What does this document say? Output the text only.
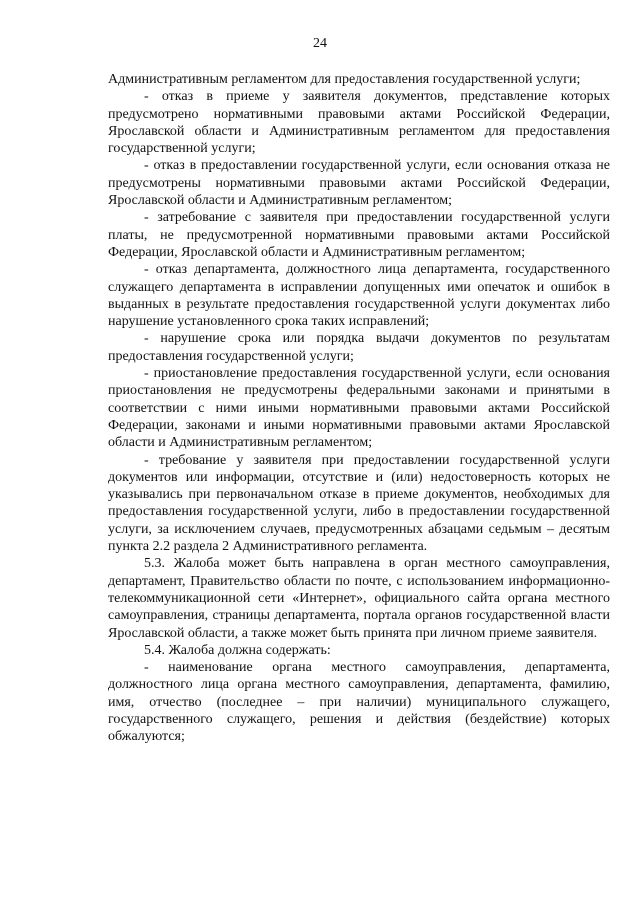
24

Административным регламентом для предоставления государственной услуги;

- отказ в приеме у заявителя документов, представление которых предусмотрено нормативными правовыми актами Российской Федерации, Ярославской области и Административным регламентом для предоставления государственной услуги;

- отказ в предоставлении государственной услуги, если основания отказа не предусмотрены нормативными правовыми актами Российской Федерации, Ярославской области и Административным регламентом;

- затребование с заявителя при предоставлении государственной услуги платы, не предусмотренной нормативными правовыми актами Российской Федерации, Ярославской области и Административным регламентом;

- отказ департамента, должностного лица департамента, государственного служащего департамента в исправлении допущенных ими опечаток и ошибок в выданных в результате предоставления государственной услуги документах либо нарушение установленного срока таких исправлений;

- нарушение срока или порядка выдачи документов по результатам предоставления государственной услуги;

- приостановление предоставления государственной услуги, если основания приостановления не предусмотрены федеральными законами и принятыми в соответствии с ними иными нормативными правовыми актами Российской Федерации, законами и иными нормативными правовыми актами Ярославской области и Административным регламентом;

- требование у заявителя при предоставлении государственной услуги документов или информации, отсутствие и (или) недостоверность которых не указывались при первоначальном отказе в приеме документов, необходимых для предоставления государственной услуги, либо в предоставлении государственной услуги, за исключением случаев, предусмотренных абзацами седьмым – десятым пункта 2.2 раздела 2 Административного регламента.

5.3. Жалоба может быть направлена в орган местного самоуправления, департамент, Правительство области по почте, с использованием информационно-телекоммуникационной сети «Интернет», официального сайта органа местного самоуправления, страницы департамента, портала органов государственной власти Ярославской области, а также может быть принята при личном приеме заявителя.

5.4. Жалоба должна содержать:

- наименование органа местного самоуправления, департамента, должностного лица органа местного самоуправления, департамента, фамилию, имя, отчество (последнее – при наличии) муниципального служащего, государственного служащего, решения и действия (бездействие) которых обжалуются;
